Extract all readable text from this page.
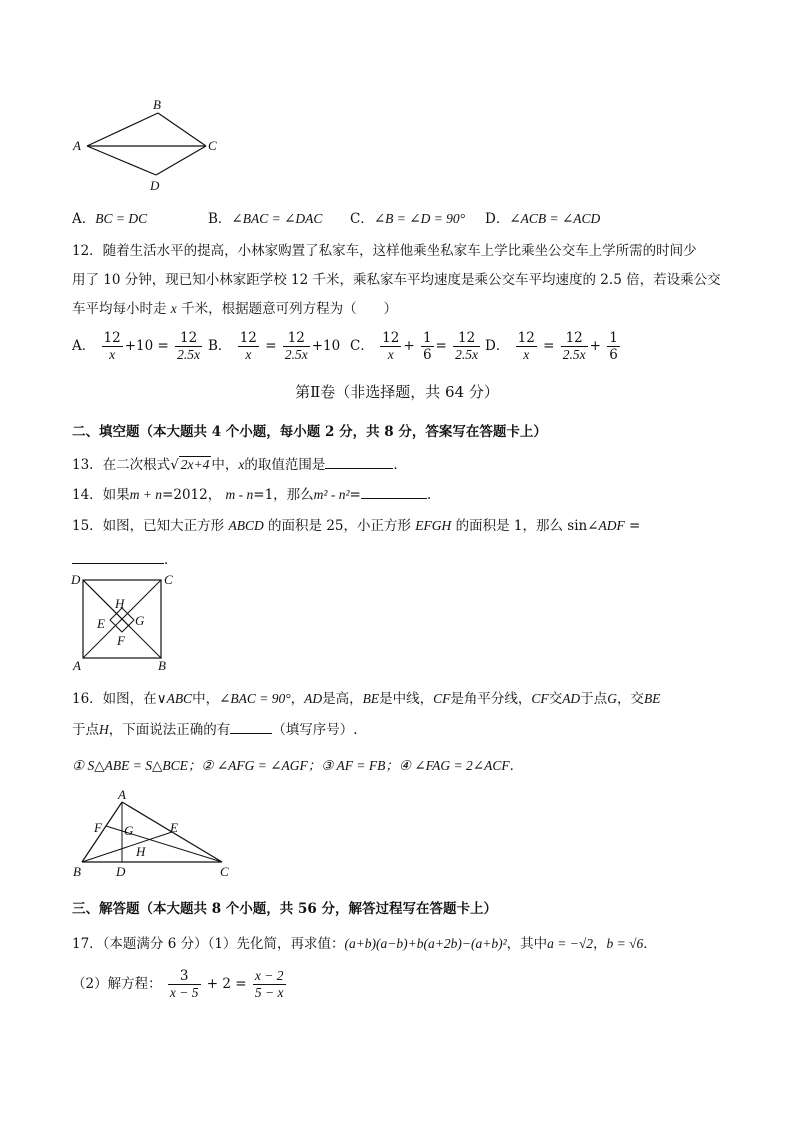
A
B
C
D
A．BC = DC	B．∠BAC = ∠DAC C．∠B = ∠D = 90° D．∠ACB = ∠ACD
12．随着生活水平的提高，小林家购置了私家车，这样他乘坐私家车上学比乘坐公交车上学所需的时间少
用了 10 分钟，现已知小林家距学校 12 千米，乘私家车平均速度是乘公交车平均速度的 2.5 倍，若设乘公交
车平均每小时走 x 千米，根据题意可列方程为（　　）
A． $\frac{12}{x} +10 = \frac{12}{2.5x}$ B． $\frac{12}{x} = \frac{12}{2.5x} +10$ C． $\frac{12}{x} + \frac{1}{6} = \frac{12}{2.5x}$ D． $\frac{12}{x} = \frac{12}{2.5x} + \frac{1}{6}$
第Ⅱ卷（非选择题，共 64 分）
二、填空题（本大题共 4 个小题，每小题 2 分，共 8 分，答案写在答题卡上）
13．在二次根式√ 2x+4 中，x的取值范围是	．
14．如果m + n=2012， m - n=1，那么m² - n²=	.
15．如图，已知大正方形 ABCD 的面积是 25，小正方形 EFGH 的面积是 1，那么 sin∠ADF =
．
D	C
A	B
H
E G
F
16．如图，在∨ABC中，∠BAC = 90°，AD是高，BE是中线，CF是角平分线，CF交AD于点G，交BE
于点H，下面说法正确的有	（填写序号）.
① S△ABE = S△BCE；② ∠AFG = ∠AGF；③ AF = FB；④ ∠FAG = 2∠ACF．
A
F G	E
H
B	D	C
三、解答题（本大题共 8 个小题，共 56 分，解答过程写在答题卡上）
17．（本题满分 6 分）（1）先化简，再求值：(a+b)(a−b)+b(a+2b)−(a+b)²，其中a = −√2，b = √6．
（2）解方程： $\frac{3}{x - 5} + 2 = \frac{x - 2}{5 - x}$
